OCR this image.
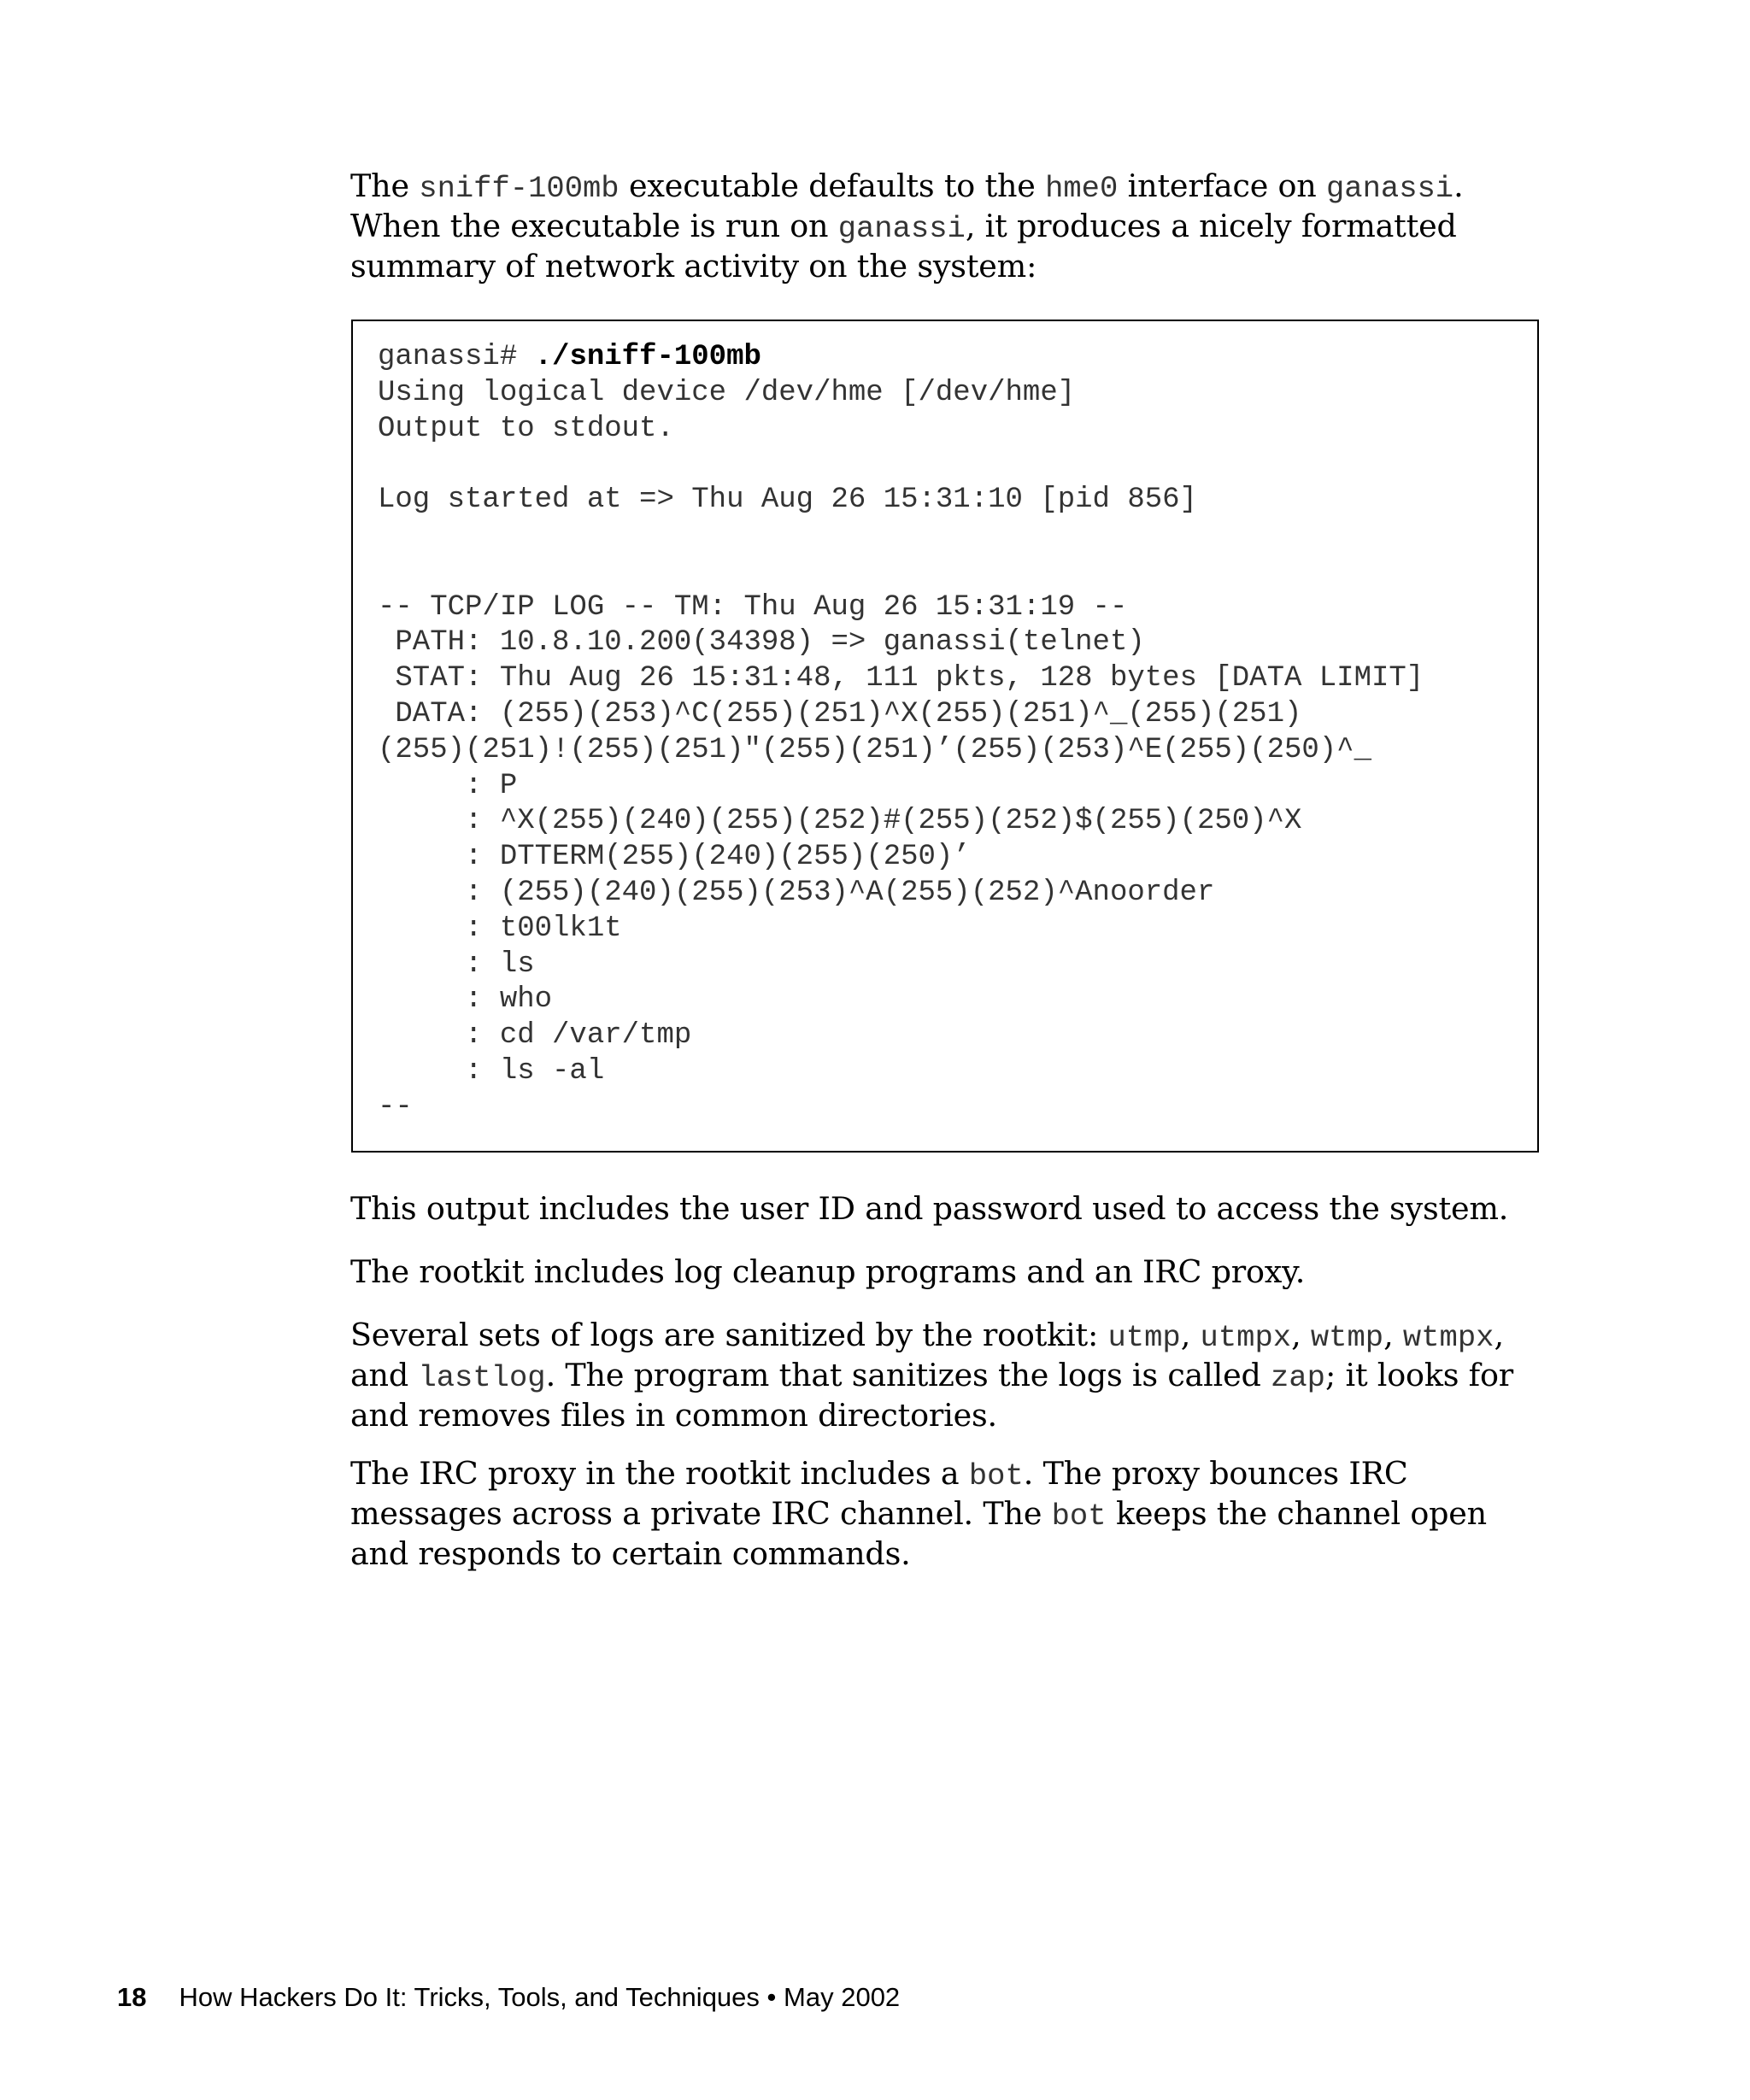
The sniff-100mb executable defaults to the hme0 interface on ganassi. When the executable is run on ganassi, it produces a nicely formatted summary of network activity on the system:

ganassi# ./sniff-100mb
Using logical device /dev/hme [/dev/hme]
Output to stdout.

Log started at => Thu Aug 26 15:31:10 [pid 856]

-- TCP/IP LOG -- TM: Thu Aug 26 15:31:19 --
PATH: 10.8.10.200(34398) => ganassi(telnet)
STAT: Thu Aug 26 15:31:48, 111 pkts, 128 bytes [DATA LIMIT]
DATA: (255)(253)^C(255)(251)^X(255)(251)^_(255)(251)
(255)(251)!(255)(251)"(255)(251)’(255)(253)^E(255)(250)^_
: P
: ^X(255)(240)(255)(252)#(255)(252)$(255)(250)^X
: DTTERM(255)(240)(255)(250)’
: (255)(240)(255)(253)^A(255)(252)^Anoorder
: t00lk1t
: ls
: who
: cd /var/tmp
: ls -al
--

This output includes the user ID and password used to access the system.

The rootkit includes log cleanup programs and an IRC proxy.

Several sets of logs are sanitized by the rootkit: utmp, utmpx, wtmp, wtmpx, and lastlog. The program that sanitizes the logs is called zap; it looks for and removes files in common directories.

The IRC proxy in the rootkit includes a bot. The proxy bounces IRC messages across a private IRC channel. The bot keeps the channel open and responds to certain commands.

18 How Hackers Do It: Tricks, Tools, and Techniques • May 2002
